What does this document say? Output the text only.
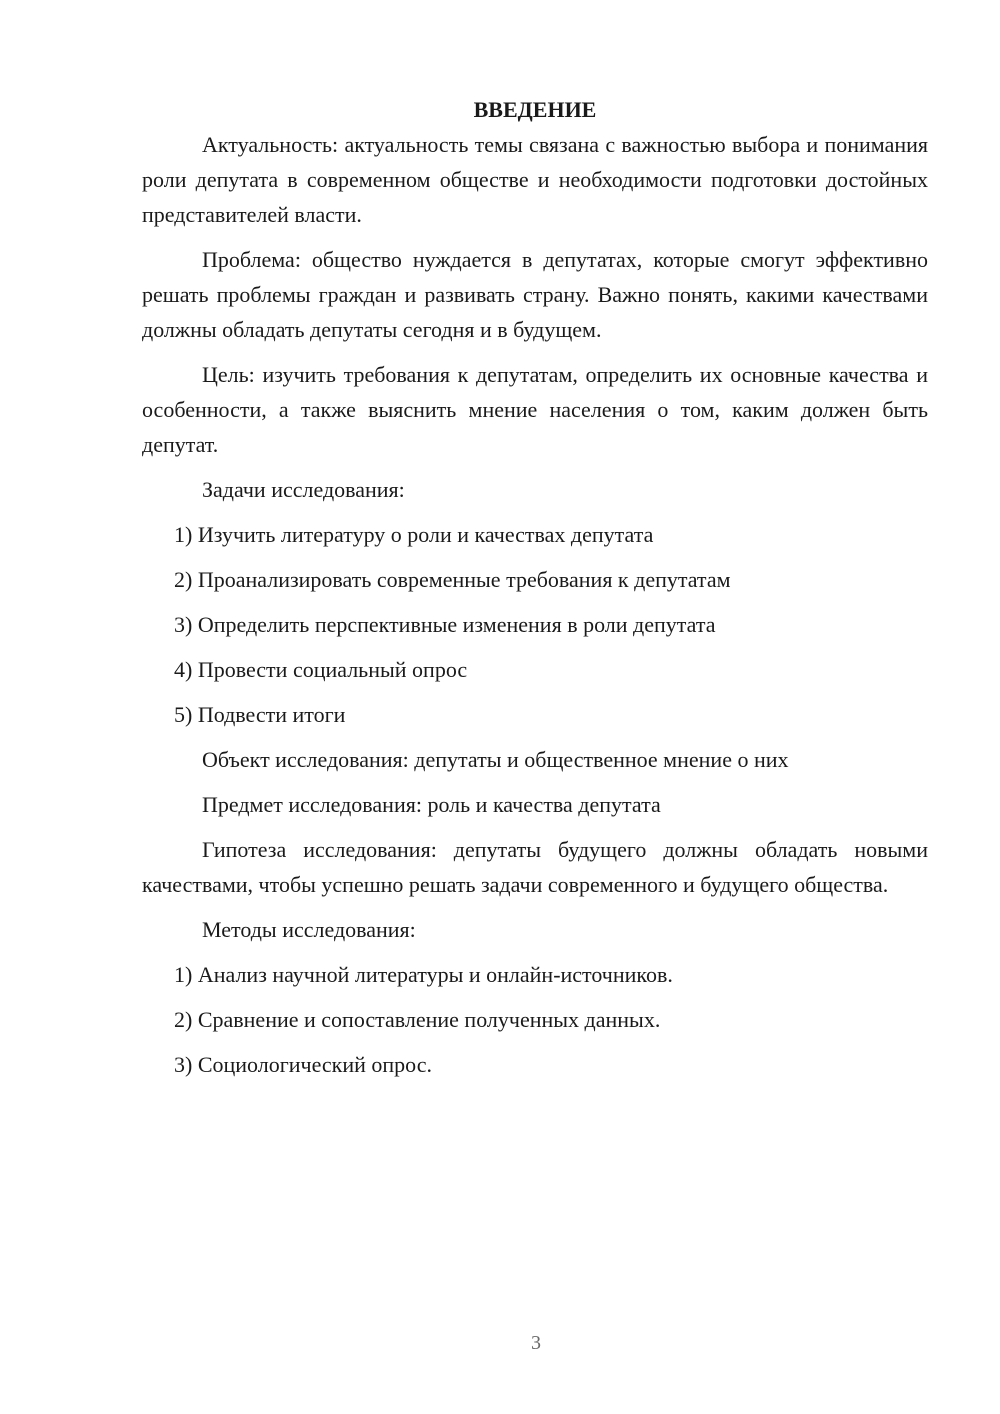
ВВЕДЕНИЕ

Актуальность: актуальность темы связана с важностью выбора и понимания роли депутата в современном обществе и необходимости подготовки достойных представителей власти.

Проблема: общество нуждается в депутатах, которые смогут эффективно решать проблемы граждан и развивать страну. Важно понять, какими качествами должны обладать депутаты сегодня и в будущем.

Цель: изучить требования к депутатам, определить их основные качества и особенности, а также выяснить мнение населения о том, каким должен быть депутат.

Задачи исследования:

1) Изучить литературу о роли и качествах депутата

2) Проанализировать современные требования к депутатам

3) Определить перспективные изменения в роли депутата

4) Провести социальный опрос

5) Подвести итоги

Объект исследования: депутаты и общественное мнение о них

Предмет исследования: роль и качества депутата

Гипотеза исследования: депутаты будущего должны обладать новыми качествами, чтобы успешно решать задачи современного и будущего общества.

Методы исследования:

1) Анализ научной литературы и онлайн-источников.

2) Сравнение и сопоставление полученных данных.

3) Социологический опрос.

3
